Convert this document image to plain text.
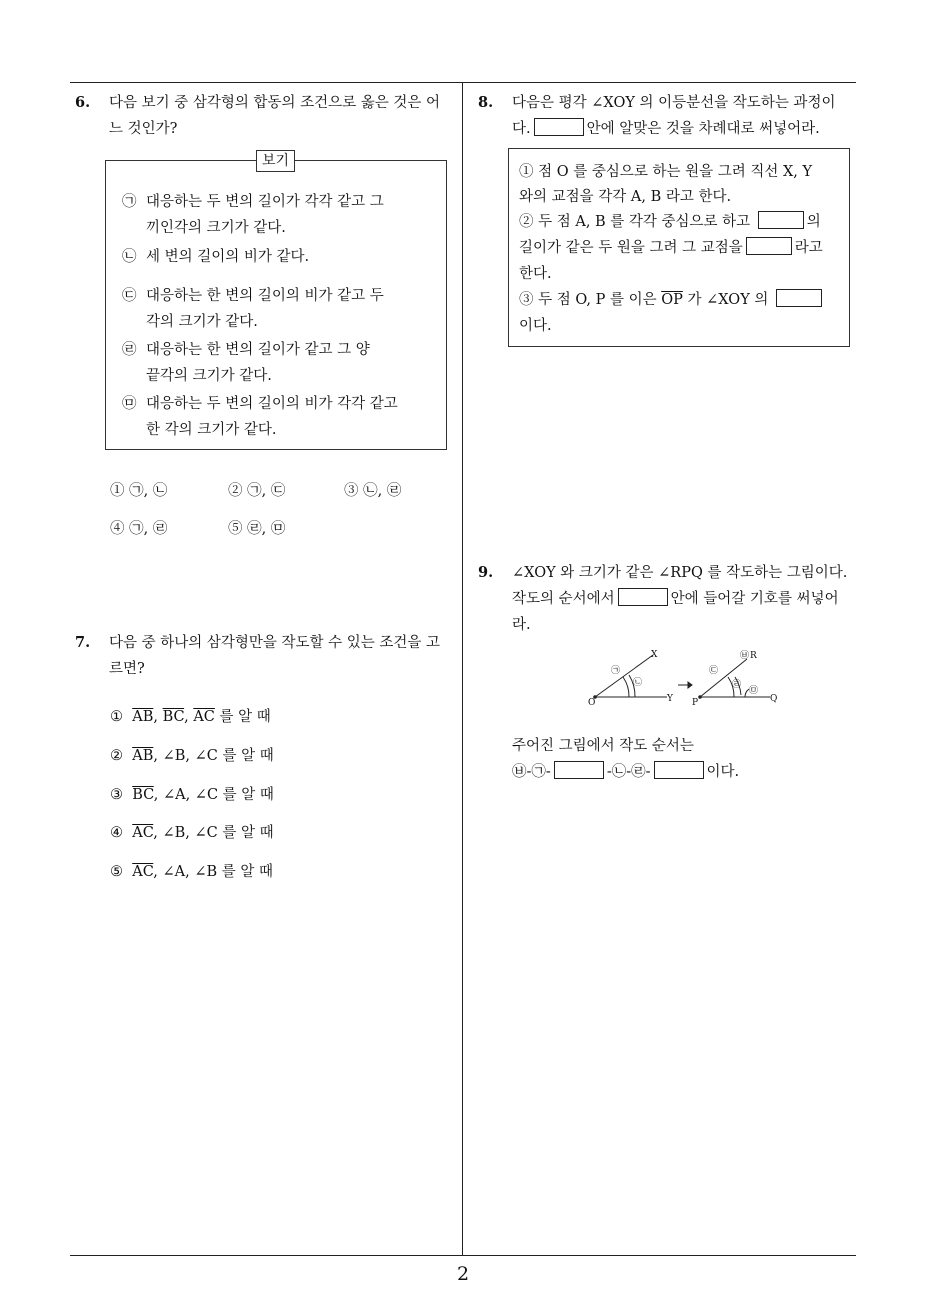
2
6. 다음 보기 중 삼각형의 합동의 조건으로 옳은 것은 어
느 것인가?
보기
㉠ 대응하는 두 변의 길이가 각각 같고 그
끼인각의 크기가 같다.
㉡ 세 변의 길이의 비가 같다.
㉢ 대응하는 한 변의 길이의 비가 같고 두
각의 크기가 같다.
㉣ 대응하는 한 변의 길이가 같고 그 양
끝각의 크기가 같다.
㉤ 대응하는 두 변의 길이의 비가 각각 같고
한 각의 크기가 같다.
① ㉠, ㉡	② ㉠, ㉢	③ ㉡, ㉣
④ ㉠, ㉣	⑤ ㉣, ㉤
7. 다음 중 하나의 삼각형만을 작도할 수 있는 조건을 고
르면?
① $\overline{AB}$, $\overline{BC}$, $\overline{AC}$ 를 알 때
② $\overline{AB}$, ∠B, ∠C 를 알 때
③ $\overline{BC}$, ∠A, ∠C 를 알 때
④ $\overline{AC}$, ∠B, ∠C 를 알 때
⑤ $\overline{AC}$, ∠A, ∠B 를 알 때
8. 다음은 평각 ∠XOY 의 이등분선을 작도하는 과정이
다.	안에 알맞은 것을 차례대로 써넣어라.
① 점 O 를 중심으로 하는 원을 그려 직선 X, Y
와의 교점을 각각 A, B 라고 한다.
② 두 점 A, B 를 각각 중심으로 하고	의
길이가 같은 두 원을 그려 그 교점을	라고
한다.
③ 두 점 O, P 를 이은 $\overline{OP}$ 가 ∠XOY 의
이다.
9. ∠XOY 와 크기가 같은 ∠RPQ 를 작도하는 그림이다.
작도의 순서에서	안에 들어갈 기호를 써넣어
라.
X
O	Y
R
P	Q
㉠
㉡
㉢
㉣
㉤
㉥
주어진 그림에서 작도 순서는
㉥-㉠-	-㉡-㉣-	이다.
